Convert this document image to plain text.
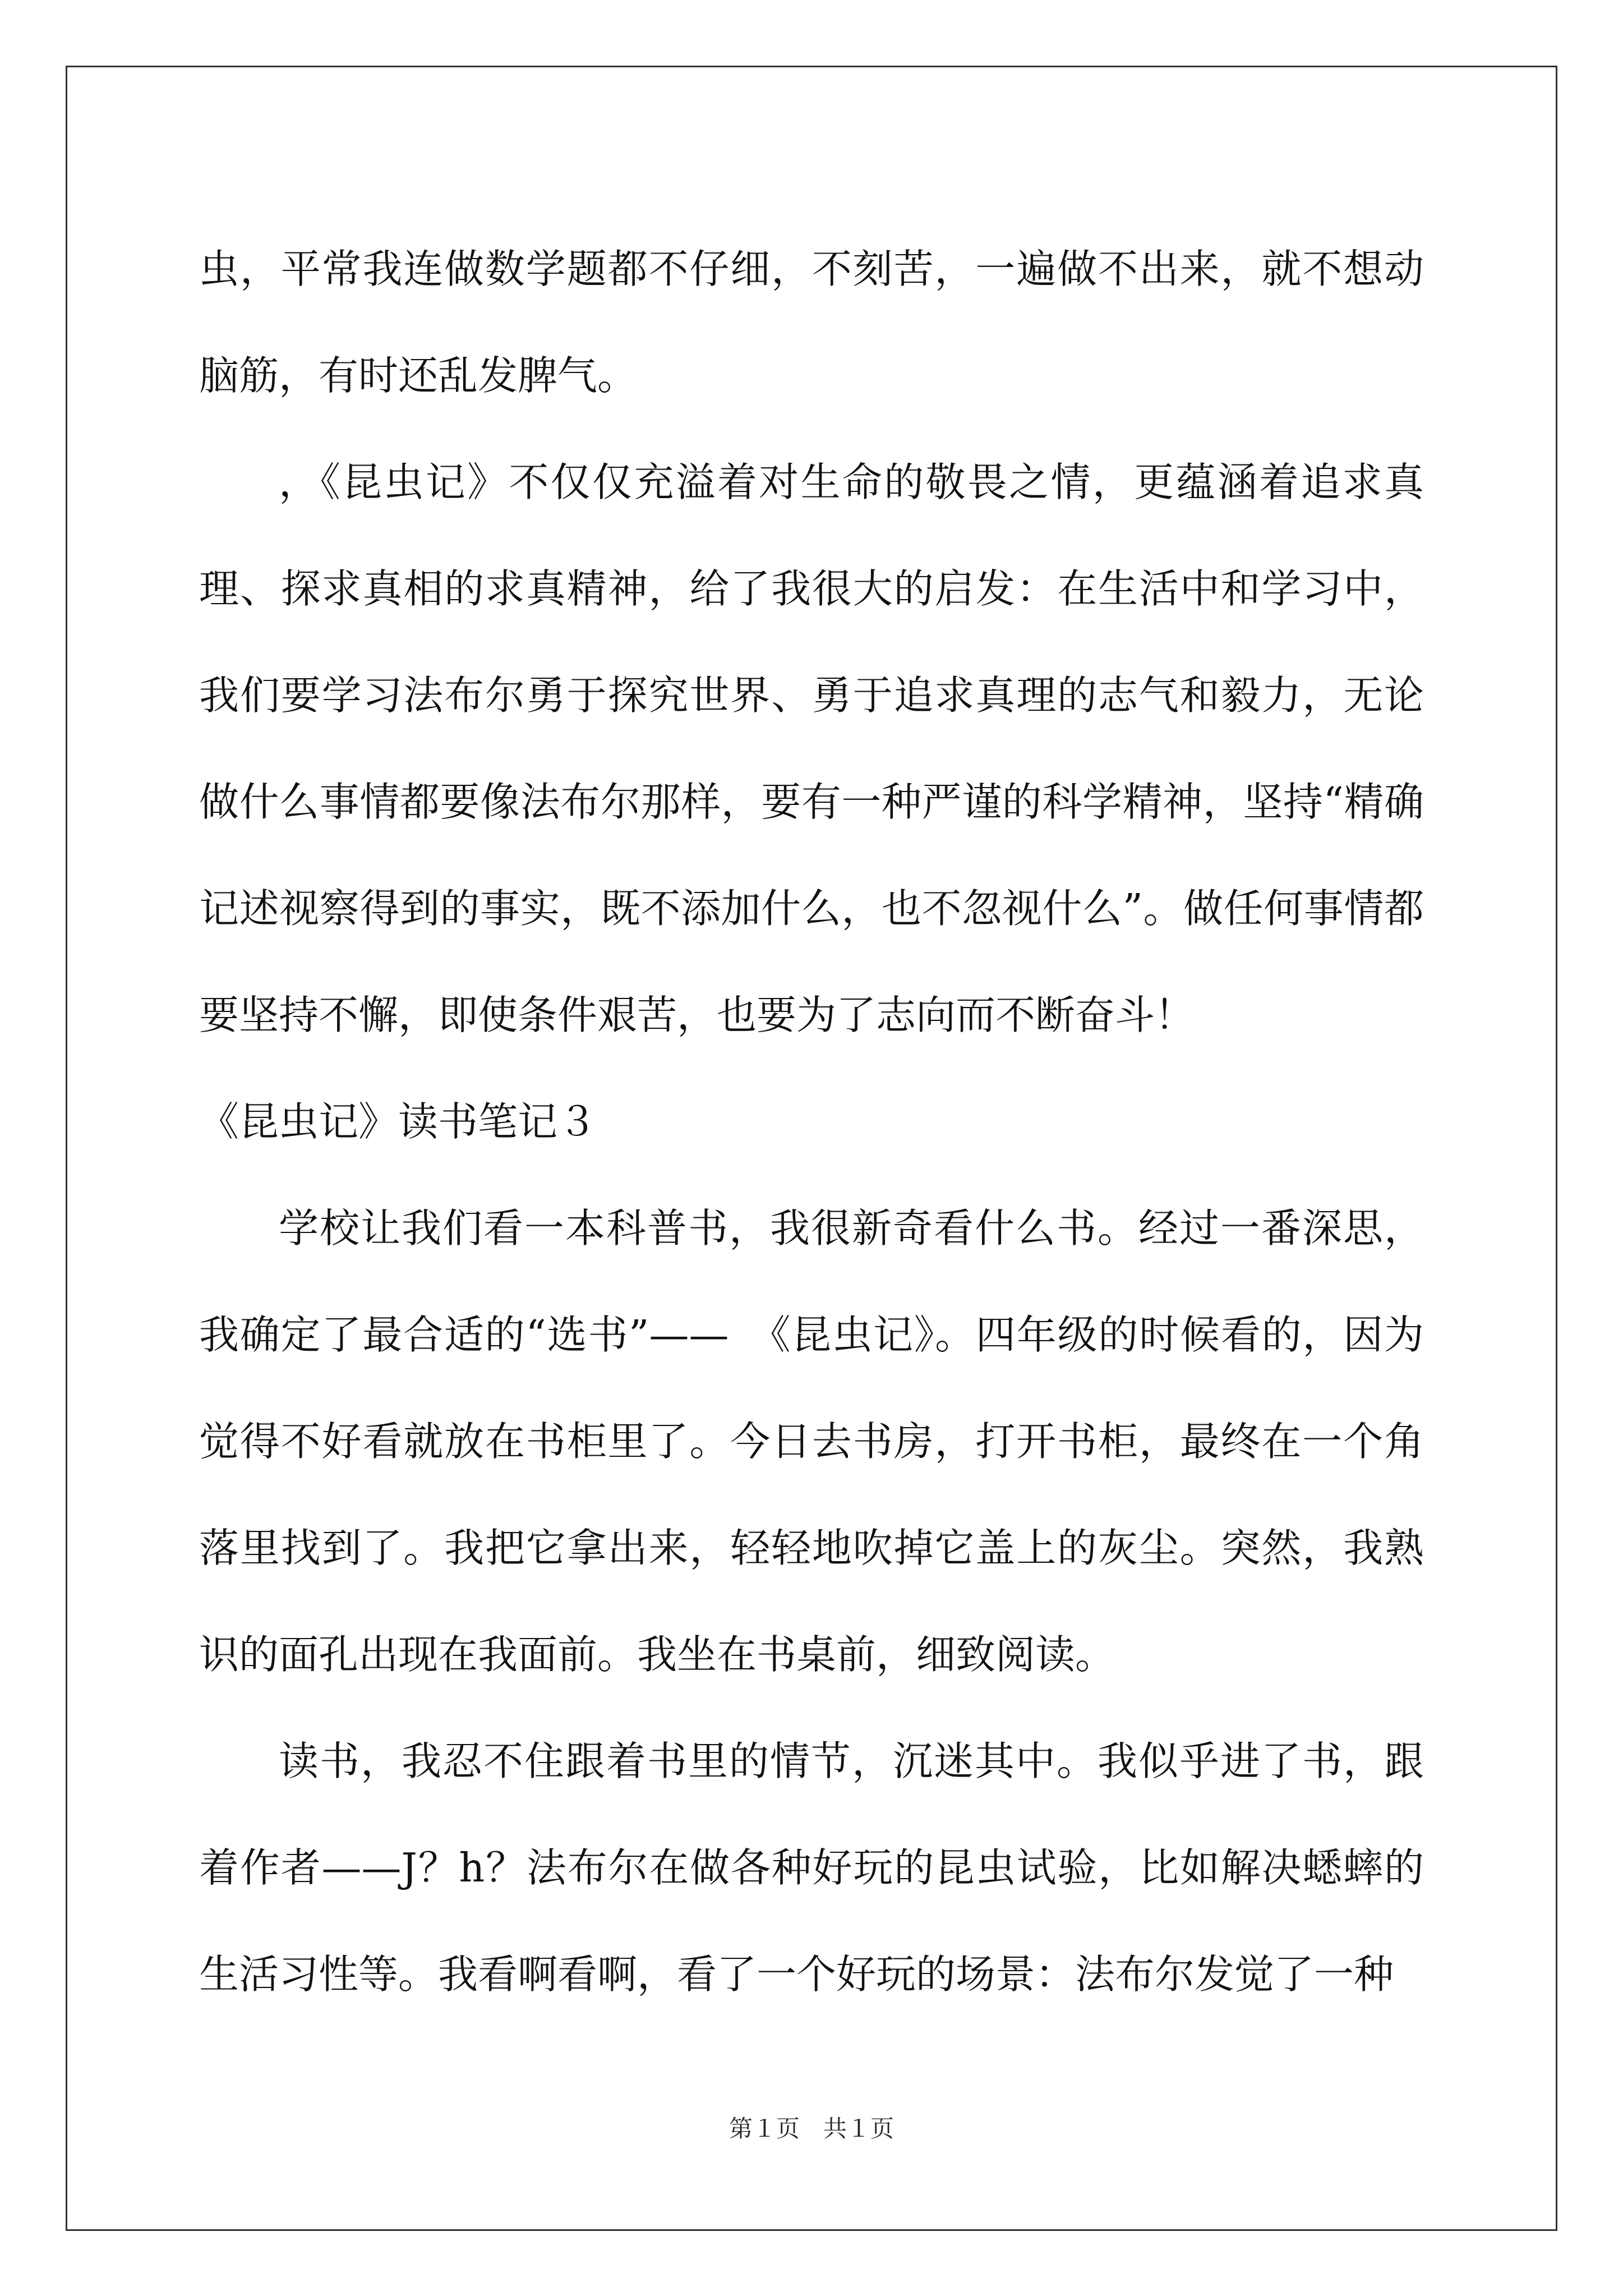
虫，平常我连做数学题都不仔细，不刻苦，一遍做不出来，就不想动脑筋，有时还乱发脾气。

，《昆虫记》不仅仅充溢着对生命的敬畏之情，更蕴涵着追求真理、探求真相的求真精神，给了我很大的启发：在生活中和学习中，我们要学习法布尔勇于探究世界、勇于追求真理的志气和毅力，无论做什么事情都要像法布尔那样，要有一种严谨的科学精神，坚持“精确记述视察得到的事实，既不添加什么，也不忽视什么”。做任何事情都要坚持不懈，即使条件艰苦，也要为了志向而不断奋斗！

《昆虫记》读书笔记３

学校让我们看一本科普书，我很新奇看什么书。经过一番深思，我确定了最合适的“选书”——　《昆虫记》。四年级的时候看的，因为觉得不好看就放在书柜里了。今日去书房，打开书柜，最终在一个角落里找到了。我把它拿出来，轻轻地吹掉它盖上的灰尘。突然，我熟识的面孔出现在我面前。我坐在书桌前，细致阅读。

读书，我忍不住跟着书里的情节，沉迷其中。我似乎进了书，跟着作者——J？h？法布尔在做各种好玩的昆虫试验，比如解决蟋蟀的生活习性等。我看啊看啊，看了一个好玩的场景：法布尔发觉了一种

第１页　共１页
